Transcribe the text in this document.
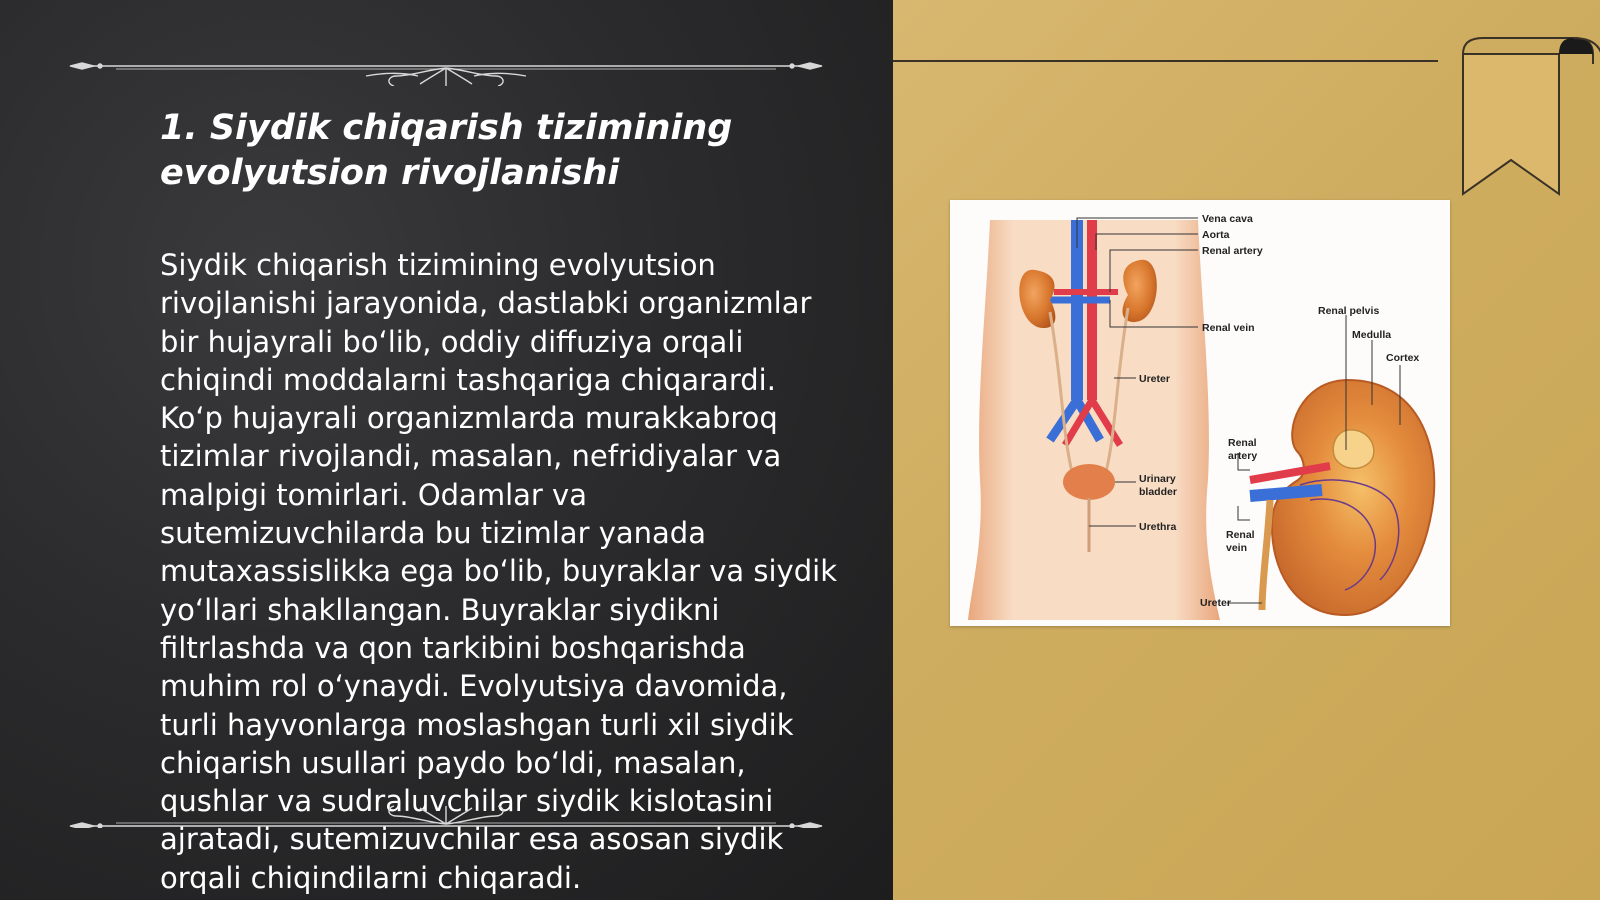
1. Siydik chiqarish tizimining evolyutsion rivojlanishi

Siydik chiqarish tizimining evolyutsion rivojlanishi jarayonida, dastlabki organizmlar bir hujayrali bo‘lib, oddiy diffuziya orqali chiqindi moddalarni tashqariga chiqarardi. Ko‘p hujayrali organizmlarda murakkabroq tizimlar rivojlandi, masalan, nefridiyalar va malpigi tomirlari. Odamlar va sutemizuvchilarda bu tizimlar yanada mutaxassislikka ega bo‘lib, buyraklar va siydik yo‘llari shakllangan. Buyraklar siydikni filtrlashda va qon tarkibini boshqarishda muhim rol o‘ynaydi. Evolyutsiya davomida, turli hayvonlarga moslashgan turli xil siydik chiqarish usullari paydo bo‘ldi, masalan, qushlar va sudraluvchilar siydik kislotasini ajratadi, sutemizuvchilar esa asosan siydik orqali chiqindilarni chiqaradi.

Vena cava
Aorta
Renal artery
Renal vein
Ureter
Urinary
bladder
Urethra
Renal pelvis
Medulla
Cortex
Renal
artery
Renal
vein
Ureter
